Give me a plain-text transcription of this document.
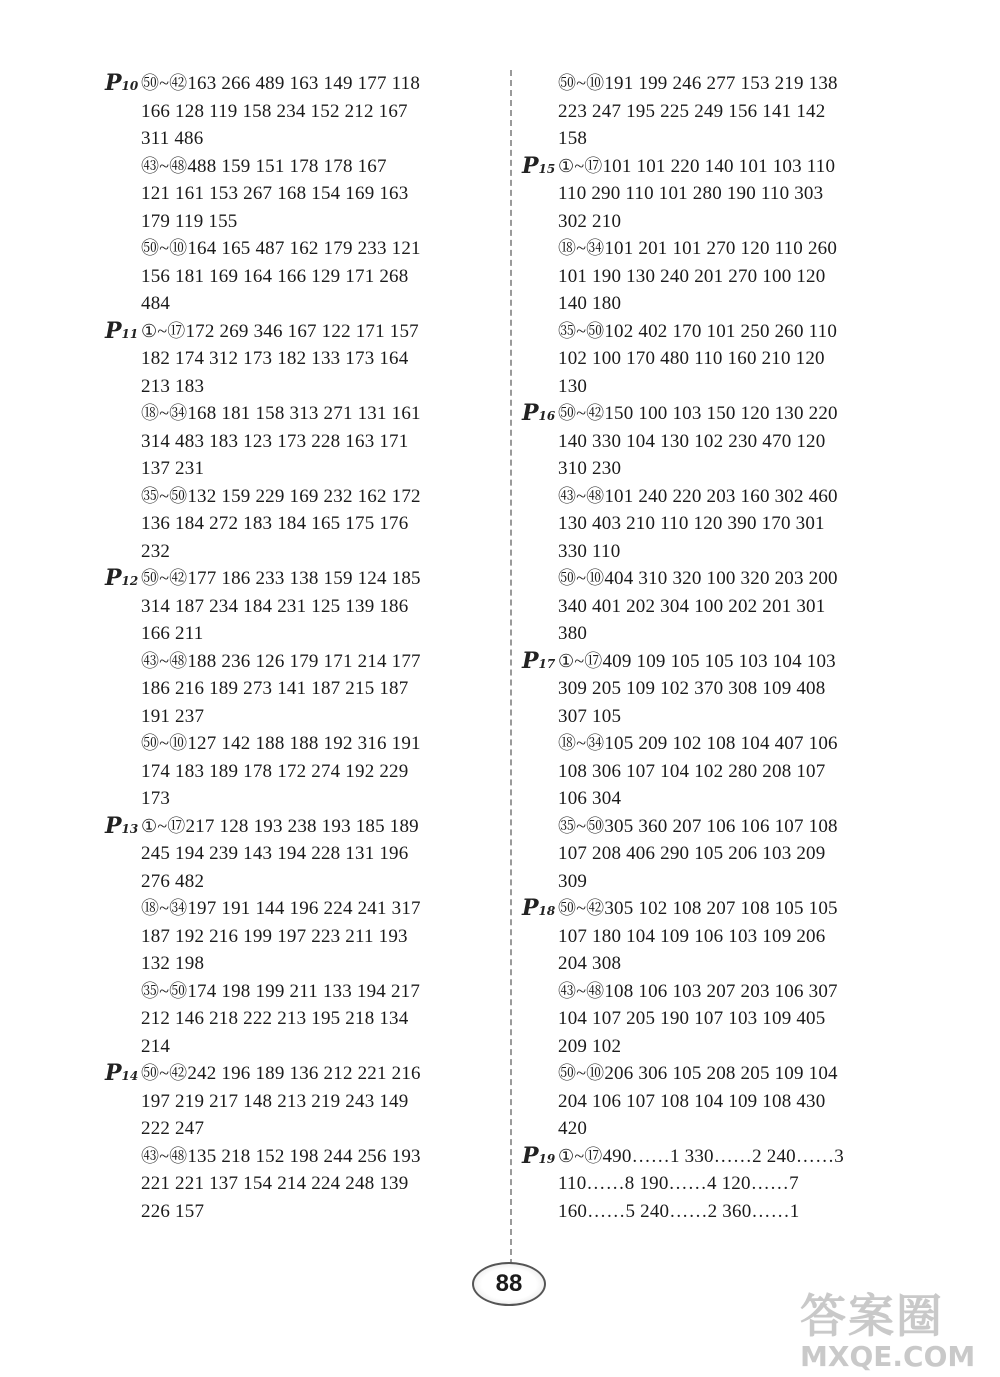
P10 ㊿~㊷163 266 489 163 149 177 118
166 128 119 158 234 152 212 167
311 486
㊸~㊽488 159 151 178 178 167
121 161 153 267 168 154 169 163
179 119 155
㊿~⑩164 165 487 162 179 233 121
156 181 169 164 166 129 171 268
484
P11 ①~⑰172 269 346 167 122 171 157
182 174 312 173 182 133 173 164
213 183
⑱~㉞168 181 158 313 271 131 161
314 483 183 123 173 228 163 171
137 231
㉟~㊿132 159 229 169 232 162 172
136 184 272 183 184 165 175 176
232
P12 ㊿~㊷177 186 233 138 159 124 185
314 187 234 184 231 125 139 186
166 211
㊸~㊽188 236 126 179 171 214 177
186 216 189 273 141 187 215 187
191 237
㊿~⑩127 142 188 188 192 316 191
174 183 189 178 172 274 192 229
173
P13 ①~⑰217 128 193 238 193 185 189
245 194 239 143 194 228 131 196
276 482
⑱~㉞197 191 144 196 224 241 317
187 192 216 199 197 223 211 193
132 198
㉟~㊿174 198 199 211 133 194 217
212 146 218 222 213 195 218 134
214
P14 ㊿~㊷242 196 189 136 212 221 216
197 219 217 148 213 219 243 149
222 247
㊸~㊽135 218 152 198 244 256 193
221 221 137 154 214 224 248 139
226 157
㊿~⑩191 199 246 277 153 219 138
223 247 195 225 249 156 141 142
158
P15 ①~⑰101 101 220 140 101 103 110
110 290 110 101 280 190 110 303
302 210
⑱~㉞101 201 101 270 120 110 260
101 190 130 240 201 270 100 120
140 180
㉟~㊿102 402 170 101 250 260 110
102 100 170 480 110 160 210 120
130
P16 ㊿~㊷150 100 103 150 120 130 220
140 330 104 130 102 230 470 120
310 230
㊸~㊽101 240 220 203 160 302 460
130 403 210 110 120 390 170 301
330 110
㊿~⑩404 310 320 100 320 203 200
340 401 202 304 100 202 201 301
380
P17 ①~⑰409 109 105 105 103 104 103
309 205 109 102 370 308 109 408
307 105
⑱~㉞105 209 102 108 104 407 106
108 306 107 104 102 280 208 107
106 304
㉟~㊿305 360 207 106 106 107 108
107 208 406 290 105 206 103 209
309
P18 ㊿~㊷305 102 108 207 108 105 105
107 180 104 109 106 103 109 206
204 308
㊸~㊽108 106 103 207 203 106 307
104 107 205 190 107 103 109 405
209 102
㊿~⑩206 306 105 208 205 109 104
204 106 107 108 104 109 108 430
420
P19 ①~⑰490……1 330……2 240……3
110……8 190……4 120……7
160……5 240……2 360……1
88
答案圈
MXQE.COM
